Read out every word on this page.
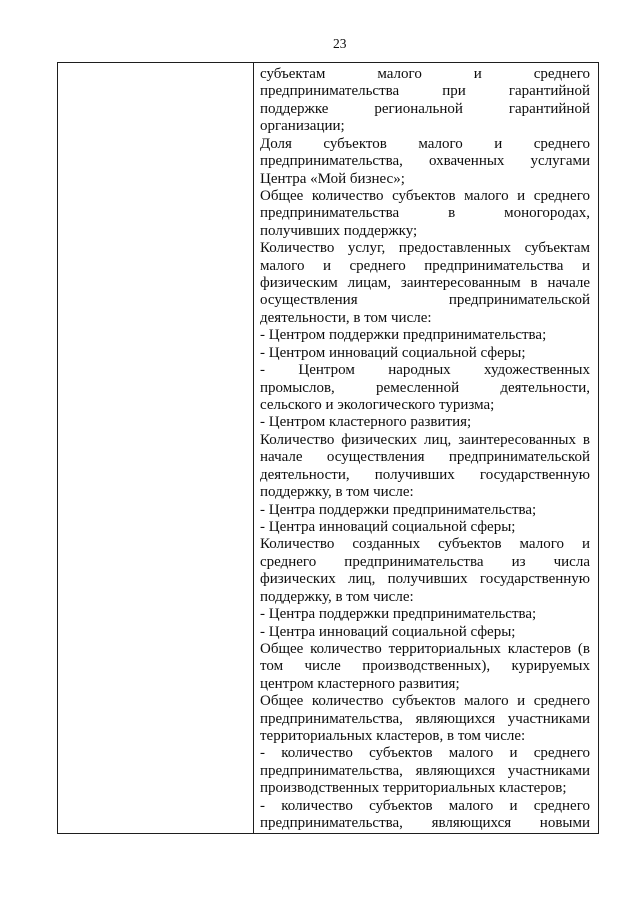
23
субъектам малого и среднего
предпринимательства при гарантийной
поддержке региональной гарантийной
организации;
Доля субъектов малого и среднего
предпринимательства, охваченных услугами
Центра «Мой бизнес»;
Общее количество субъектов малого и среднего
предпринимательства в моногородах,
получивших поддержку;
Количество услуг, предоставленных субъектам
малого и среднего предпринимательства и
физическим лицам, заинтересованным в начале
осуществления предпринимательской
деятельности, в том числе:
- Центром поддержки предпринимательства;
- Центром инноваций социальной сферы;
- Центром народных художественных
промыслов, ремесленной деятельности,
сельского и экологического туризма;
- Центром кластерного развития;
Количество физических лиц, заинтересованных в
начале осуществления предпринимательской
деятельности, получивших государственную
поддержку, в том числе:
- Центра поддержки предпринимательства;
- Центра инноваций социальной сферы;
Количество созданных субъектов малого и
среднего предпринимательства из числа
физических лиц, получивших государственную
поддержку, в том числе:
- Центра поддержки предпринимательства;
- Центра инноваций социальной сферы;
Общее количество территориальных кластеров (в
том числе производственных), курируемых
центром кластерного развития;
Общее количество субъектов малого и среднего
предпринимательства, являющихся участниками
территориальных кластеров, в том числе:
- количество субъектов малого и среднего
предпринимательства, являющихся участниками
производственных территориальных кластеров;
- количество субъектов малого и среднего
предпринимательства, являющихся новыми
